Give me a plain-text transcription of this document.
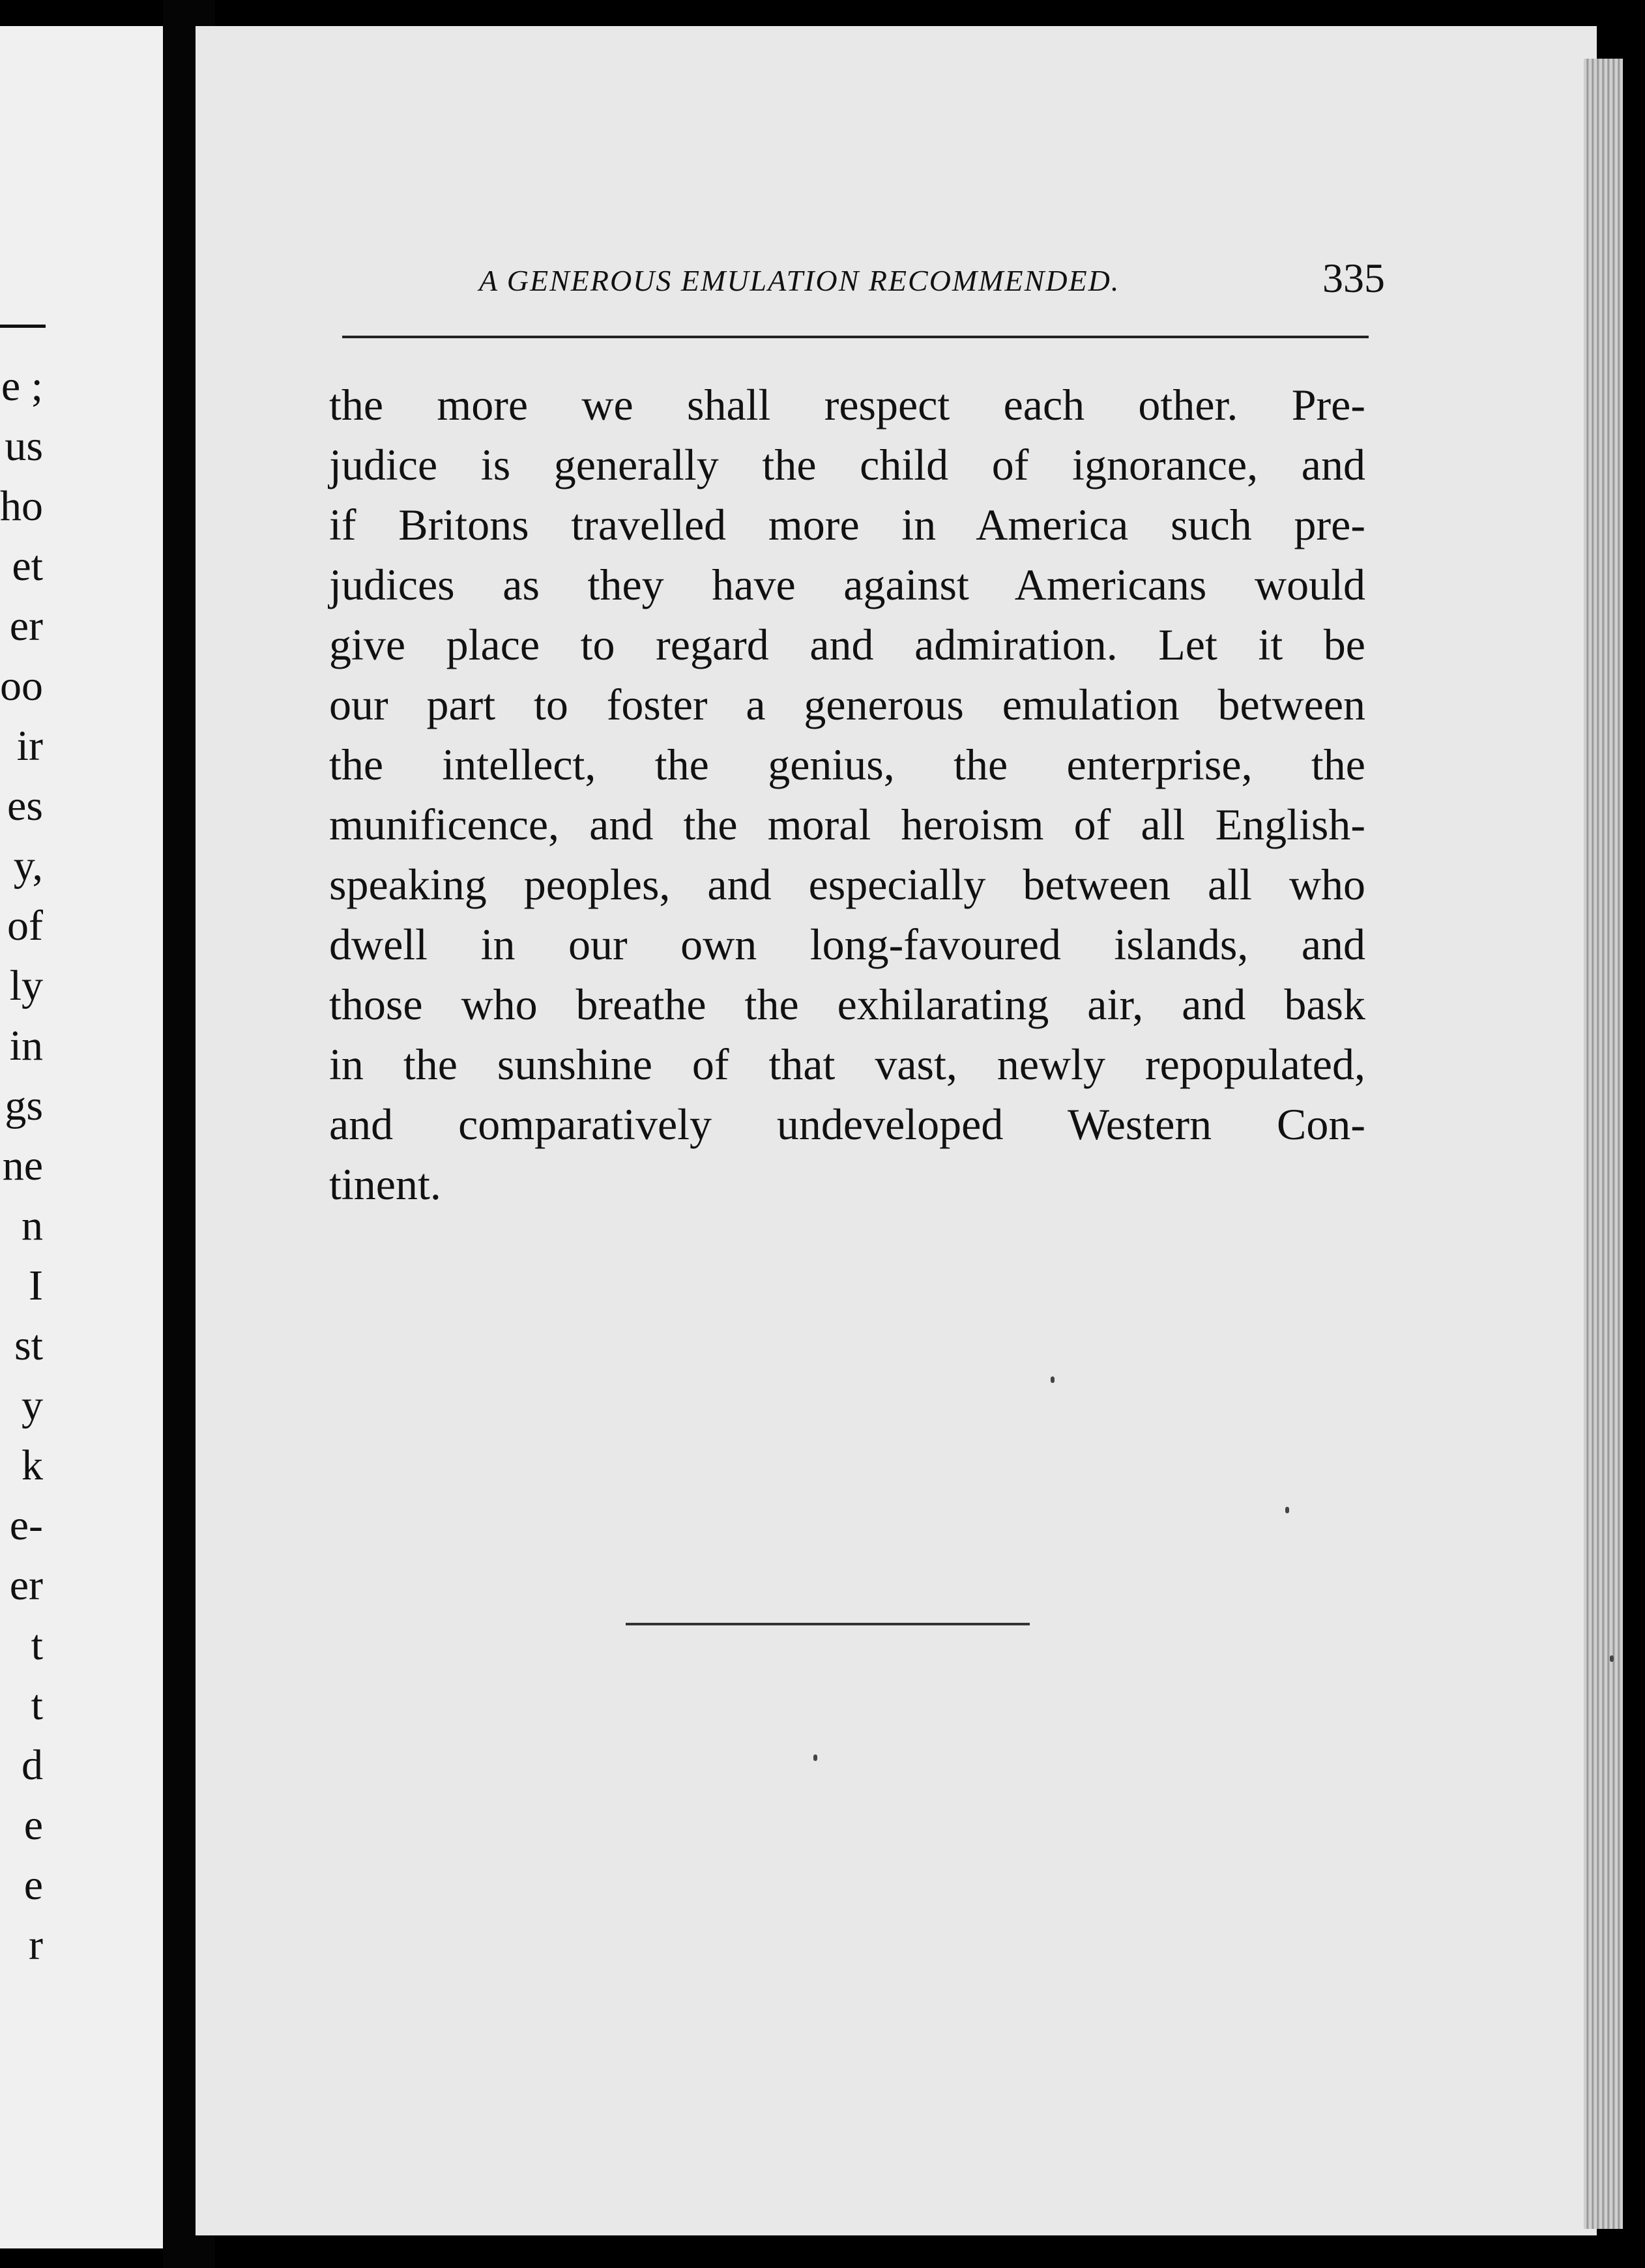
e ;
us
ho
et
er
oo
ir
es
y,
of
ly
in
gs
ne
n
I
st
y
k
e-
er
t
t
d
e
e
r
A GENEROUS EMULATION RECOMMENDED.	335
the more we shall respect each other. Pre-
judice is generally the child of ignorance, and
if Britons travelled more in America such pre-
judices as they have against Americans would
give place to regard and admiration. Let it be
our part to foster a generous emulation between
the intellect, the genius, the enterprise, the
munificence, and the moral heroism of all English-
speaking peoples, and especially between all who
dwell in our own long-favoured islands, and
those who breathe the exhilarating air, and bask
in the sunshine of that vast, newly repopulated,
and comparatively undeveloped Western Con-
tinent.
